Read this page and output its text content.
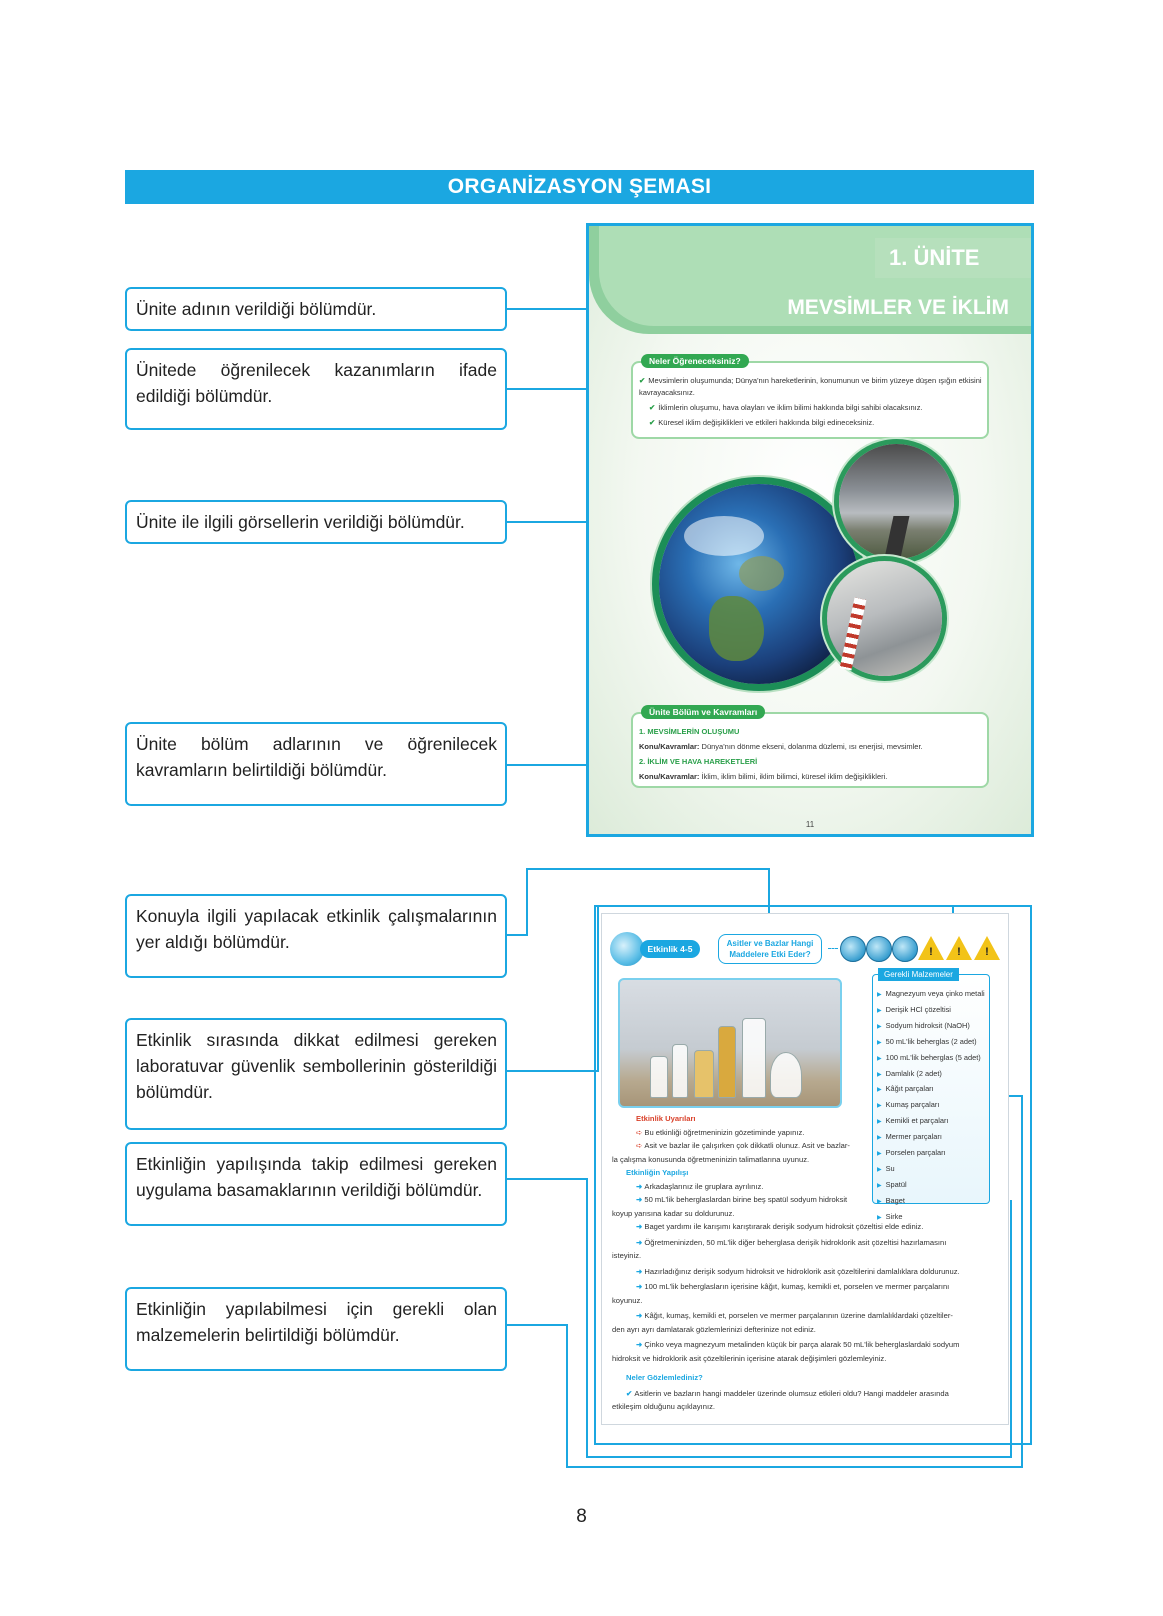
ORGANİZASYON ŞEMASI
Ünite adının verildiği bölümdür.
Ünitede öğrenilecek kazanımların ifade edildiği bölümdür.
Ünite ile ilgili görsellerin verildiği bölümdür.
Ünite bölüm adlarının ve öğrenilecek kavramların belirtildiği bölümdür.
Konuyla ilgili yapılacak etkinlik çalışmalarının yer aldığı bölümdür.
Etkinlik sırasında dikkat edilmesi gereken laboratuvar güvenlik sembollerinin gösterildiği bölümdür.
Etkinliğin yapılışında takip edilmesi gereken uygulama basamaklarının verildiği bölümdür.
Etkinliğin yapılabilmesi için gerekli olan malzemelerin belirtildiği bölümdür.
1. ÜNİTE
MEVSİMLER VE İKLİM
✔ Mevsimlerin oluşumunda; Dünya'nın hareketlerinin, konumunun ve birim yüzeye düşen ışığın etkisini kavrayacaksınız.
✔ İklimlerin oluşumu, hava olayları ve iklim bilimi hakkında bilgi sahibi olacaksınız.
✔ Küresel iklim değişiklikleri ve etkileri hakkında bilgi edineceksiniz.
Neler Öğreneceksiniz?
1. MEVSİMLERİN OLUŞUMU
Konu/Kavramlar: Dünya'nın dönme ekseni, dolanma düzlemi, ısı enerjisi, mevsimler.
2. İKLİM VE HAVA HAREKETLERİ
Konu/Kavramlar: İklim, iklim bilimi, iklim bilimci, küresel iklim değişiklikleri.
Ünite Bölüm ve Kavramları
11
Etkinlik 4-5
Asitler ve Bazlar Hangi
Maddelere Etki Eder?	!	!	!
▶ Magnezyum veya çinko metali
▶ Derişik HCl çözeltisi
▶ Sodyum hidroksit (NaOH)
▶ 50 mL'lik beherglas (2 adet)
▶ 100 mL'lik beherglas (5 adet)
▶ Damlalık (2 adet)
▶ Kâğıt parçaları
▶ Kumaş parçaları
▶ Kemikli et parçaları
▶ Mermer parçaları
▶ Porselen parçaları
▶ Su
▶ Spatül
▶ Baget
▶ Sirke
Gerekli Malzemeler
Etkinlik Uyarıları
➪ Bu etkinliği öğretmeninizin gözetiminde yapınız.
➪ Asit ve bazlar ile çalışırken çok dikkatli olunuz. Asit ve bazlar-
la çalışma konusunda öğretmeninizin talimatlarına uyunuz.
Etkinliğin Yapılışı
➜ Arkadaşlarınız ile gruplara ayrılınız.
➜ 50 mL'lik beherglaslardan birine beş spatül sodyum hidroksit
koyup yarısına kadar su doldurunuz.
➜ Baget yardımı ile karışımı karıştırarak derişik sodyum hidroksit çözeltisi elde ediniz.
➜ Öğretmeninizden, 50 mL'lik diğer beherglasa derişik hidroklorik asit çözeltisi hazırlamasını
isteyiniz.
➜ Hazırladığınız derişik sodyum hidroksit ve hidroklorik asit çözeltilerini damlalıklara doldurunuz.
➜ 100 mL'lik beherglasların içerisine kâğıt, kumaş, kemikli et, porselen ve mermer parçalarını
koyunuz.
➜ Kâğıt, kumaş, kemikli et, porselen ve mermer parçalarının üzerine damlalıklardaki çözeltiler-
den ayrı ayrı damlatarak gözlemlerinizi defterinize not ediniz.
➜ Çinko veya magnezyum metalinden küçük bir parça alarak 50 mL'lik beherglaslardaki sodyum
hidroksit ve hidroklorik asit çözeltilerinin içerisine atarak değişimleri gözlemleyiniz.
Neler Gözlemlediniz?
✔ Asitlerin ve bazların hangi maddeler üzerinde olumsuz etkileri oldu? Hangi maddeler arasında
etkileşim olduğunu açıklayınız.
8
